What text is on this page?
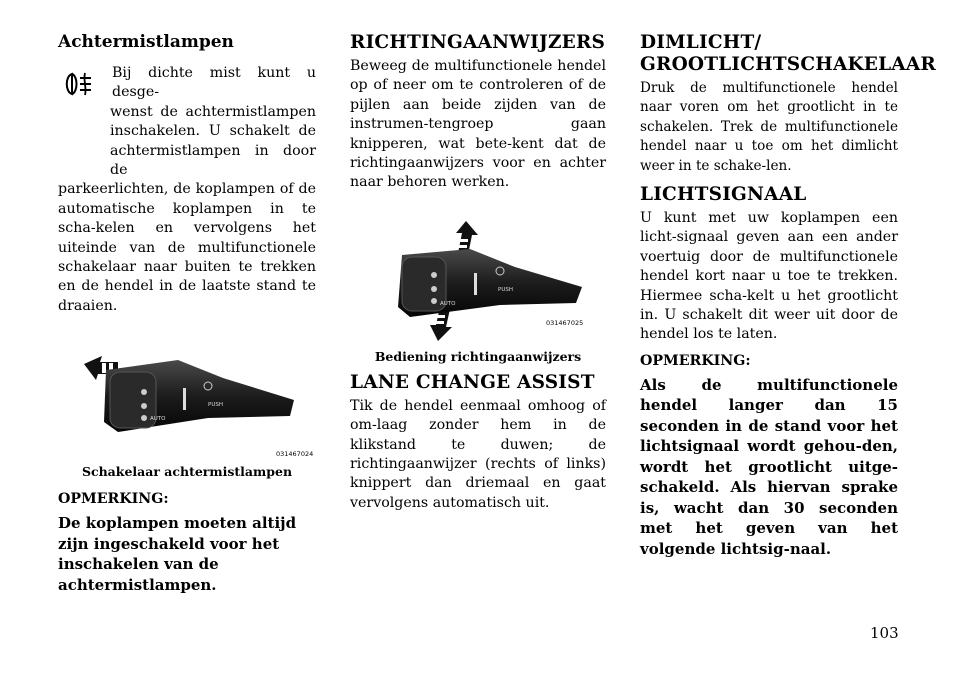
Achtermistlampen

Bij dichte mist kunt u desge-

wenst de achtermistlampen

inschakelen. U schakelt de

achtermistlampen in door de

parkeerlichten, de koplampen of de automatische koplampen in te scha-kelen en vervolgens het uiteinde van de multifunctionele schakelaar naar buiten te trekken en de hendel in de laatste stand te draaien.

AUTO
PUSH
031467024
Schakelaar achtermistlampen
OPMERKING:
De koplampen moeten altijd zijn ingeschakeld voor het inschakelen van de achtermistlampen.
RICHTINGAANWIJZERS

Beweeg de multifunctionele hendel op of neer om te controleren of de pijlen aan beide zijden van de instrumen-tengroep gaan knipperen, wat bete-kent dat de richtingaanwijzers voor en achter naar behoren werken.

AUTO
PUSH
031467025
Bediening richtingaanwijzers
LANE CHANGE ASSIST

Tik de hendel eenmaal omhoog of om-laag zonder hem in de klikstand te duwen; de richtingaanwijzer (rechts of links) knippert dan driemaal en gaat vervolgens automatisch uit.

DIMLICHT/
GROOTLICHTSCHAKELAAR

Druk de multifunctionele hendel naar voren om het grootlicht in te schakelen. Trek de multifunctionele hendel naar u toe om het dimlicht weer in te schake-len.

LICHTSIGNAAL

U kunt met uw koplampen een licht-signaal geven aan een ander voertuig door de multifunctionele hendel kort naar u toe te trekken. Hiermee scha-kelt u het grootlicht in. U schakelt dit weer uit door de hendel los te laten.

OPMERKING:
Als de multifunctionele hendel langer dan 15 seconden in de stand voor het lichtsignaal wordt gehou-den, wordt het grootlicht uitge-schakeld. Als hiervan sprake is, wacht dan 30 seconden met het geven van het volgende lichtsig-naal.
103
